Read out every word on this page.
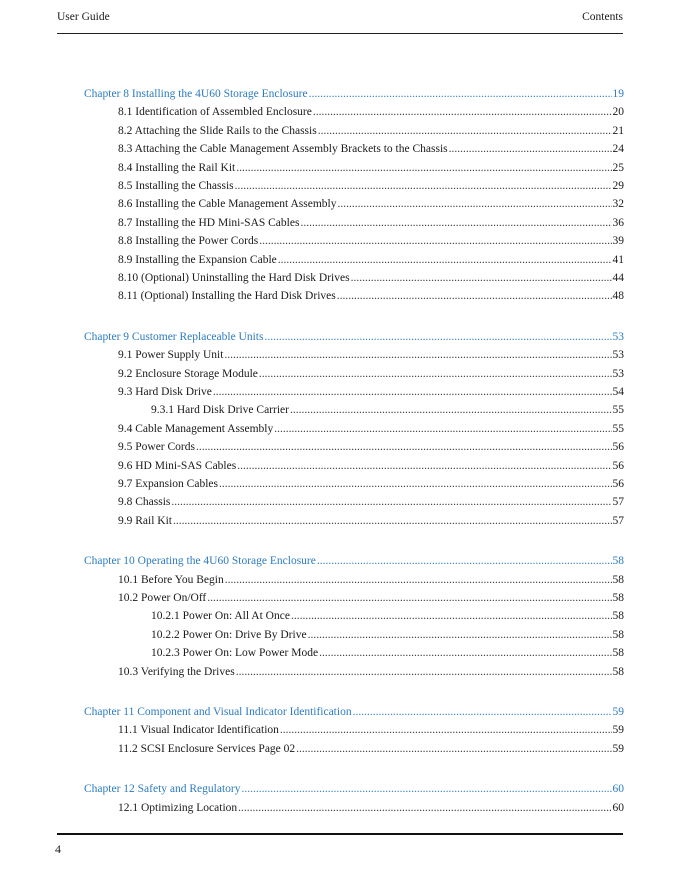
User Guide	Contents
Chapter 8 Installing the 4U60 Storage Enclosure .....	19
8.1 Identification of Assembled Enclosure .....	20
8.2 Attaching the Slide Rails to the Chassis .....	21
8.3 Attaching the Cable Management Assembly Brackets to the Chassis .....	24
8.4 Installing the Rail Kit .....	25
8.5 Installing the Chassis .....	29
8.6 Installing the Cable Management Assembly .....	32
8.7 Installing the HD Mini-SAS Cables .....	36
8.8 Installing the Power Cords .....	39
8.9 Installing the Expansion Cable .....	41
8.10 (Optional) Uninstalling the Hard Disk Drives .....	44
8.11 (Optional) Installing the Hard Disk Drives .....	48
Chapter 9 Customer Replaceable Units .....	53
9.1 Power Supply Unit .....	53
9.2 Enclosure Storage Module .....	53
9.3 Hard Disk Drive .....	54
9.3.1 Hard Disk Drive Carrier .....	55
9.4 Cable Management Assembly .....	55
9.5 Power Cords .....	56
9.6 HD Mini-SAS Cables .....	56
9.7 Expansion Cables .....	56
9.8 Chassis .....	57
9.9 Rail Kit .....	57
Chapter 10 Operating the 4U60 Storage Enclosure .....	58
10.1 Before You Begin .....	58
10.2 Power On/Off .....	58
10.2.1 Power On: All At Once .....	58
10.2.2 Power On: Drive By Drive .....	58
10.2.3 Power On: Low Power Mode .....	58
10.3 Verifying the Drives .....	58
Chapter 11 Component and Visual Indicator Identification .....	59
11.1 Visual Indicator Identification .....	59
11.2 SCSI Enclosure Services Page 02 .....	59
Chapter 12 Safety and Regulatory .....	60
12.1 Optimizing Location .....	60
4
